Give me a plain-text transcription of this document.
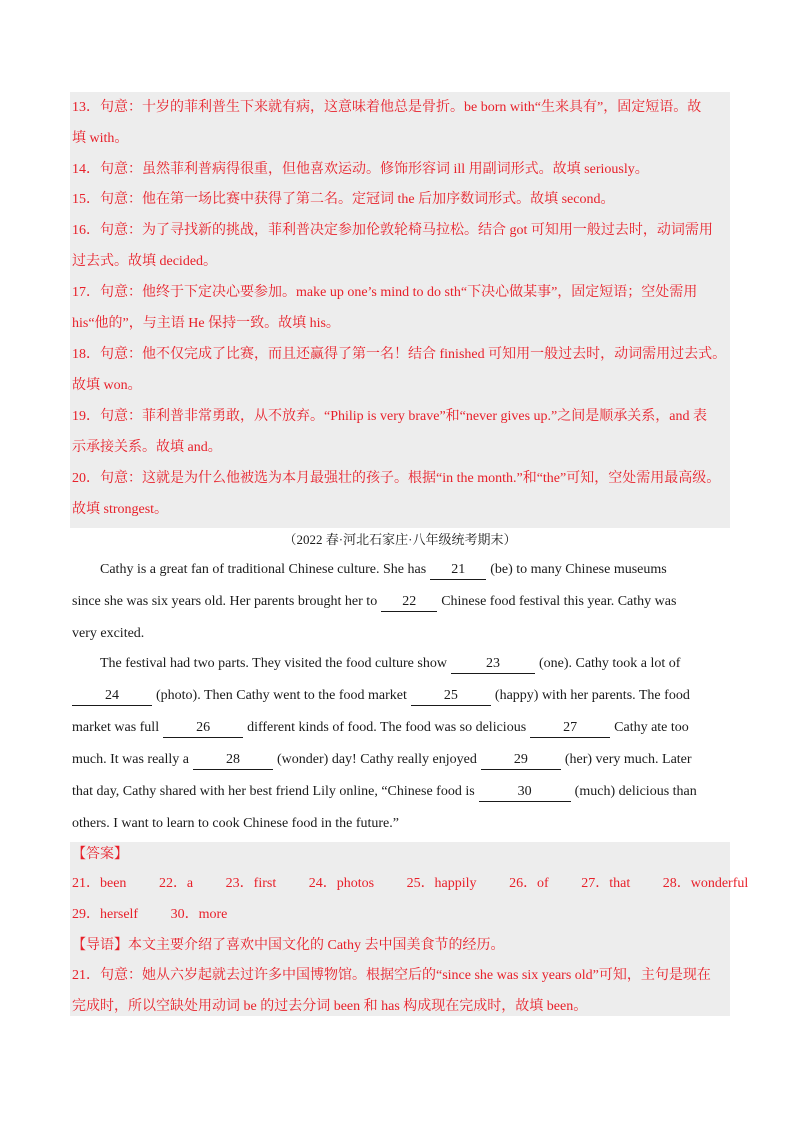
13．句意：十岁的菲利普生下来就有病，这意味着他总是骨折。be born with“生来具有”，固定短语。故
填 with。
14．句意：虽然菲利普病得很重，但他喜欢运动。修饰形容词 ill 用副词形式。故填 seriously。
15．句意：他在第一场比赛中获得了第二名。定冠词 the 后加序数词形式。故填 second。
16．句意：为了寻找新的挑战，菲利普决定参加伦敦轮椅马拉松。结合 got 可知用一般过去时，动词需用
过去式。故填 decided。
17．句意：他终于下定决心要参加。make up one’s mind to do sth“下决心做某事”，固定短语；空处需用
his“他的”，与主语 He 保持一致。故填 his。
18．句意：他不仅完成了比赛，而且还赢得了第一名！结合 finished 可知用一般过去时，动词需用过去式。
故填 won。
19．句意：菲利普非常勇敢，从不放弃。“Philip is very brave”和“never gives up.”之间是顺承关系，and 表
示承接关系。故填 and。
20．句意：这就是为什么他被选为本月最强壮的孩子。根据“in the month.”和“the”可知，空处需用最高级。
故填 strongest。
（2022 春·河北石家庄·八年级统考期末）
Cathy is a great fan of traditional Chinese culture. She has 21 (be) to many Chinese museums
since she was six years old. Her parents brought her to 22 Chinese food festival this year. Cathy was
very excited.
The festival had two parts. They visited the food culture show	23	(one). Cathy took a lot of
24	(photo). Then Cathy went to the food market	25	(happy) with her parents. The food
market was full	26	different kinds of food. The food was so delicious	27	Cathy ate too
much. It was really a	28	(wonder) day! Cathy really enjoyed	29	(her) very much. Later
that day, Cathy shared with her best friend Lily online, “Chinese food is	30	(much) delicious than
others. I want to learn to cook Chinese food in the future.”
【答案】
21．been 22．a 23．first 24．photos 25．happily 26．of 27．that 28．wonderful
29．herself 30．more
【导语】本文主要介绍了喜欢中国文化的 Cathy 去中国美食节的经历。
21．句意：她从六岁起就去过许多中国博物馆。根据空后的“since she was six years old”可知，主句是现在
完成时，所以空缺处用动词 be 的过去分词 been 和 has 构成现在完成时，故填 been。
